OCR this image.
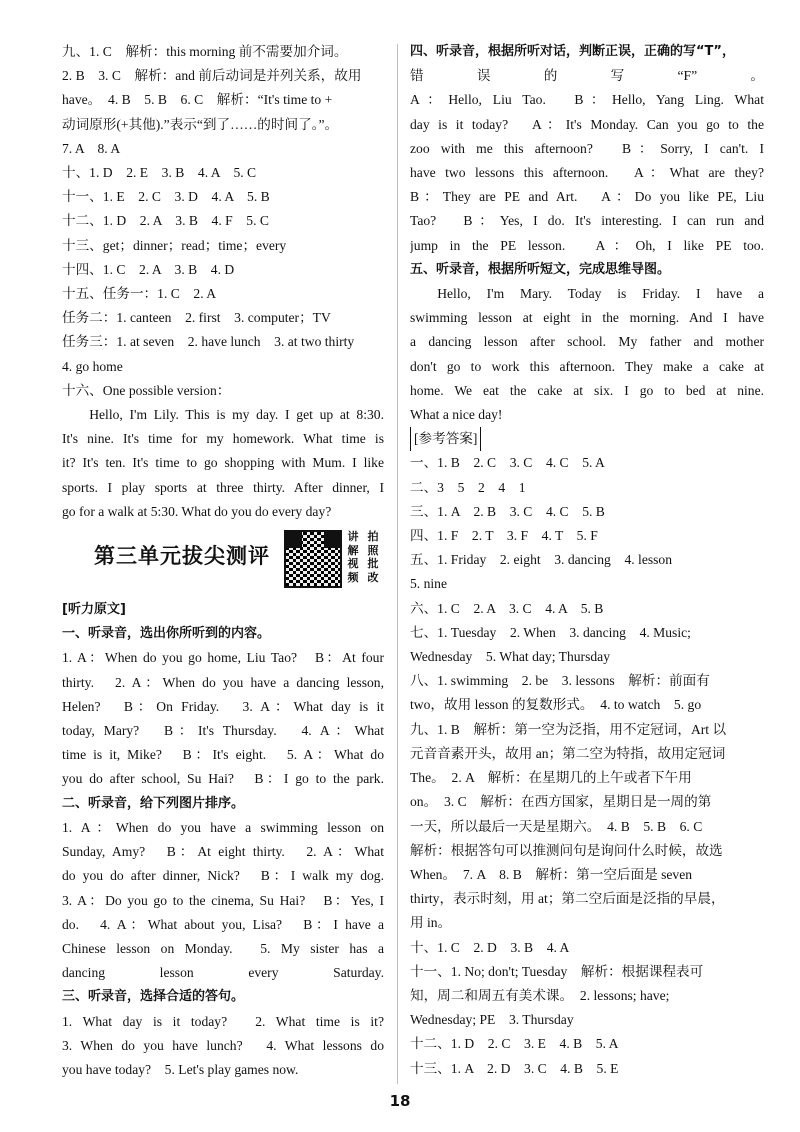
九、1. C　解析：this morning 前不需要加介词。
2. B　3. C　解析：and 前后动词是并列关系，故用
have。　4. B　5. B　6. C　解析：“It's time to +
动词原形(+其他).”表示“到了……的时间了。”。
7. A　8. A
十、1. D　2. E　3. B　4. A　5. C
十一、1. E　2. C　3. D　4. A　5. B
十二、1. D　2. A　3. B　4. F　5. C
十三、get；dinner；read；time；every
十四、1. C　2. A　3. B　4. D
十五、任务一：1. C　2. A
任务二：1. canteen　2. first　3. computer；TV
任务三：1. at seven　2. have lunch　3. at two thirty
4. go home
十六、One possible version：
Hello, I'm Lily. This is my day. I get up at 8:30.
It's nine. It's time for my homework. What time is
it? It's ten. It's time to go shopping with Mum. I like
sports. I play sports at three thirty. After dinner, I
go for a walk at 5:30. What do you do every day?
第三单元拔尖测评
讲 拍
解 照
视 批
频 改
[听力原文]
一、听录音，选出你所听到的内容。
1. A：When do you go home, Liu Tao?　B：At four
thirty.　2. A：When do you have a dancing lesson,
Helen?　B：On Friday.　3. A：What day is it
today, Mary?　B：It's Thursday.　4. A：What
time is it, Mike?　B：It's eight.　5. A：What do
you do after school, Su Hai?　B：I go to the park.
二、听录音，给下列图片排序。
1. A：When do you have a swimming lesson on
Sunday, Amy?　B：At eight thirty.　2. A：What
do you do after dinner, Nick?　B：I walk my dog.
3. A：Do you go to the cinema, Su Hai?　B：Yes, I
do.　4. A：What about you, Lisa?　B：I have a
Chinese lesson on Monday.　5. My sister has a
dancing lesson every Saturday.
三、听录音，选择合适的答句。
1. What day is it today?　2. What time is it?
3. When do you have lunch?　4. What lessons do
you have today?　5. Let's play games now.
四、听录音，根据所听对话，判断正误，正确的写“T”，
错误的写“F”。
A：Hello, Liu Tao.　B：Hello, Yang Ling. What
day is it today?　A：It's Monday. Can you go to the
zoo with me this afternoon?　B：Sorry, I can't. I
have two lessons this afternoon.　A：What are they?
B：They are PE and Art.　A：Do you like PE, Liu
Tao?　B：Yes, I do. It's interesting. I can run and
jump in the PE lesson.　A：Oh, I like PE too.
五、听录音，根据所听短文，完成思维导图。
Hello, I'm Mary. Today is Friday. I have a
swimming lesson at eight in the morning. And I have
a dancing lesson after school. My father and mother
don't go to work this afternoon. They make a cake at
home. We eat the cake at six. I go to bed at nine.
What a nice day!
[参考答案]
一、1. B　2. C　3. C　4. C　5. A
二、3　5　2　4　1
三、1. A　2. B　3. C　4. C　5. B
四、1. F　2. T　3. F　4. T　5. F
五、1. Friday　2. eight　3. dancing　4. lesson
5. nine
六、1. C　2. A　3. C　4. A　5. B
七、1. Tuesday　2. When　3. dancing　4. Music;
Wednesday　5. What day; Thursday
八、1. swimming　2. be　3. lessons　解析：前面有
two，故用 lesson 的复数形式。　4. to watch　5. go
九、1. B　解析：第一空为泛指，用不定冠词，Art 以
元音音素开头，故用 an；第二空为特指，故用定冠词
The。　2. A　解析：在星期几的上午或者下午用
on。　3. C　解析：在西方国家，星期日是一周的第
一天，所以最后一天是星期六。　4. B　5. B　6. C
解析：根据答句可以推测问句是询问什么时候，故选
When。　7. A　8. B　解析：第一空后面是 seven
thirty，表示时刻，用 at；第二空后面是泛指的早晨，
用 in。
十、1. C　2. D　3. B　4. A
十一、1. No; don't; Tuesday　解析：根据课程表可
知，周二和周五有美术课。　2. lessons; have;
Wednesday; PE　3. Thursday
十二、1. D　2. C　3. E　4. B　5. A
十三、1. A　2. D　3. C　4. B　5. E
18
